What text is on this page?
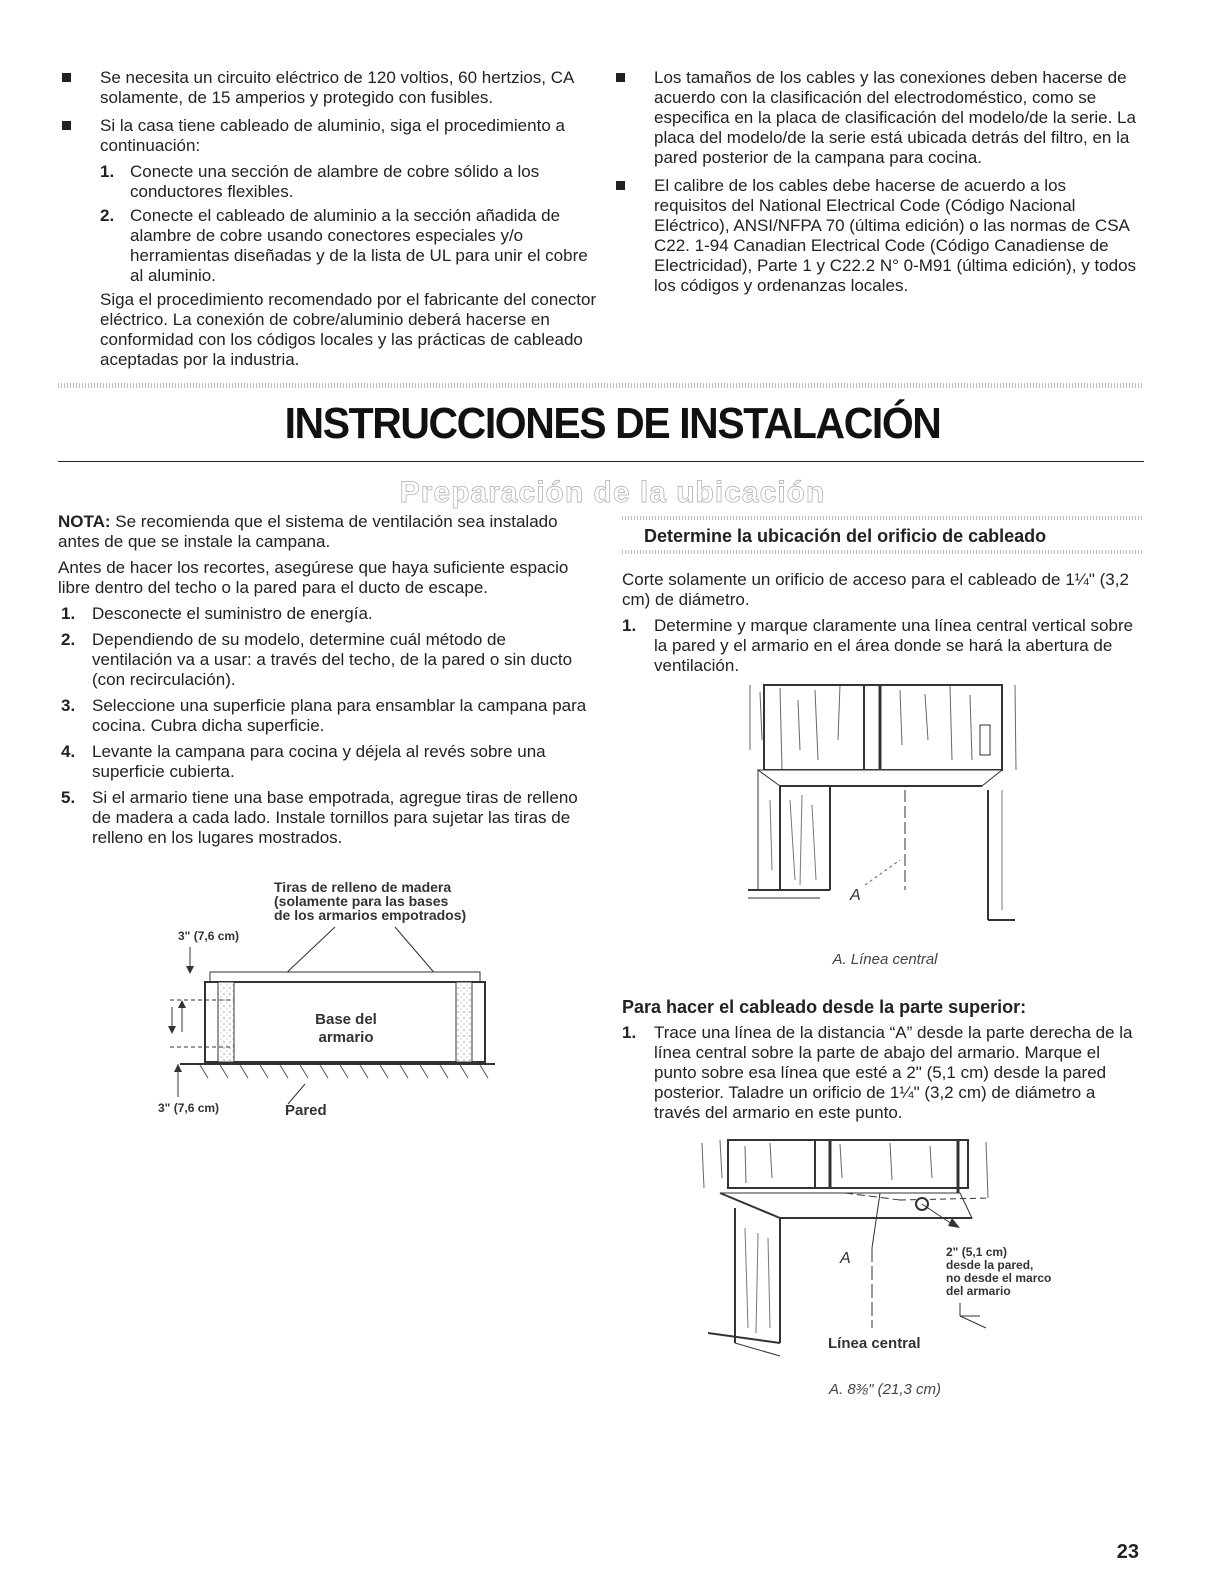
Se necesita un circuito eléctrico de 120 voltios, 60 hertzios, CA solamente, de 15 amperios y protegido con fusibles.
Si la casa tiene cableado de aluminio, siga el procedimiento a continuación:
1. Conecte una sección de alambre de cobre sólido a los conductores flexibles.
2. Conecte el cableado de aluminio a la sección añadida de alambre de cobre usando conectores especiales y/o herramientas diseñadas y de la lista de UL para unir el cobre al aluminio.

Siga el procedimiento recomendado por el fabricante del conector eléctrico. La conexión de cobre/aluminio deberá hacerse en conformidad con los códigos locales y las prácticas de cableado aceptadas por la industria.

Los tamaños de los cables y las conexiones deben hacerse de acuerdo con la clasificación del electrodoméstico, como se especifica en la placa de clasificación del modelo/de la serie. La placa del modelo/de la serie está ubicada detrás del filtro, en la pared posterior de la campana para cocina.
El calibre de los cables debe hacerse de acuerdo a los requisitos del National Electrical Code (Código Nacional Eléctrico), ANSI/NFPA 70 (última edición) o las normas de CSA C22. 1-94 Canadian Electrical Code (Código Canadiense de Electricidad), Parte 1 y C22.2 N° 0-M91 (última edición), y todos los códigos y ordenanzas locales.
INSTRUCCIONES DE INSTALACIÓN
Preparación de la ubicación

NOTA: Se recomienda que el sistema de ventilación sea instalado antes de que se instale la campana.

Antes de hacer los recortes, asegúrese que haya suficiente espacio libre dentro del techo o la pared para el ducto de escape.

1. Desconecte el suministro de energía.
2. Dependiendo de su modelo, determine cuál método de ventilación va a usar: a través del techo, de la pared o sin ducto (con recirculación).
3. Seleccione una superficie plana para ensamblar la campana para cocina. Cubra dicha superficie.
4. Levante la campana para cocina y déjela al revés sobre una superficie cubierta.
5. Si el armario tiene una base empotrada, agregue tiras de relleno de madera a cada lado. Instale tornillos para sujetar las tiras de relleno en los lugares mostrados.
Tiras de relleno de madera
(solamente para las bases
de los armarios empotrados)
3" (7,6 cm)
Base del
armario
3" (7,6 cm)	Pared
Determine la ubicación del orificio de cableado

Corte solamente un orificio de acceso para el cableado de 1¼" (3,2 cm) de diámetro.

1. Determine y marque claramente una línea central vertical sobre la pared y el armario en el área donde se hará la abertura de ventilación.
A
A. Línea central
Para hacer el cableado desde la parte superior:
1. Trace una línea de la distancia “A” desde la parte derecha de la línea central sobre la parte de abajo del armario. Marque el punto sobre esa línea que esté a 2" (5,1 cm) desde la pared posterior. Taladre un orificio de 1¼" (3,2 cm) de diámetro a través del armario en este punto.
A	2" (5,1 cm)
desde la pared,
no desde el marco
del armario
Línea central
A. 8⅜" (21,3 cm)
23
